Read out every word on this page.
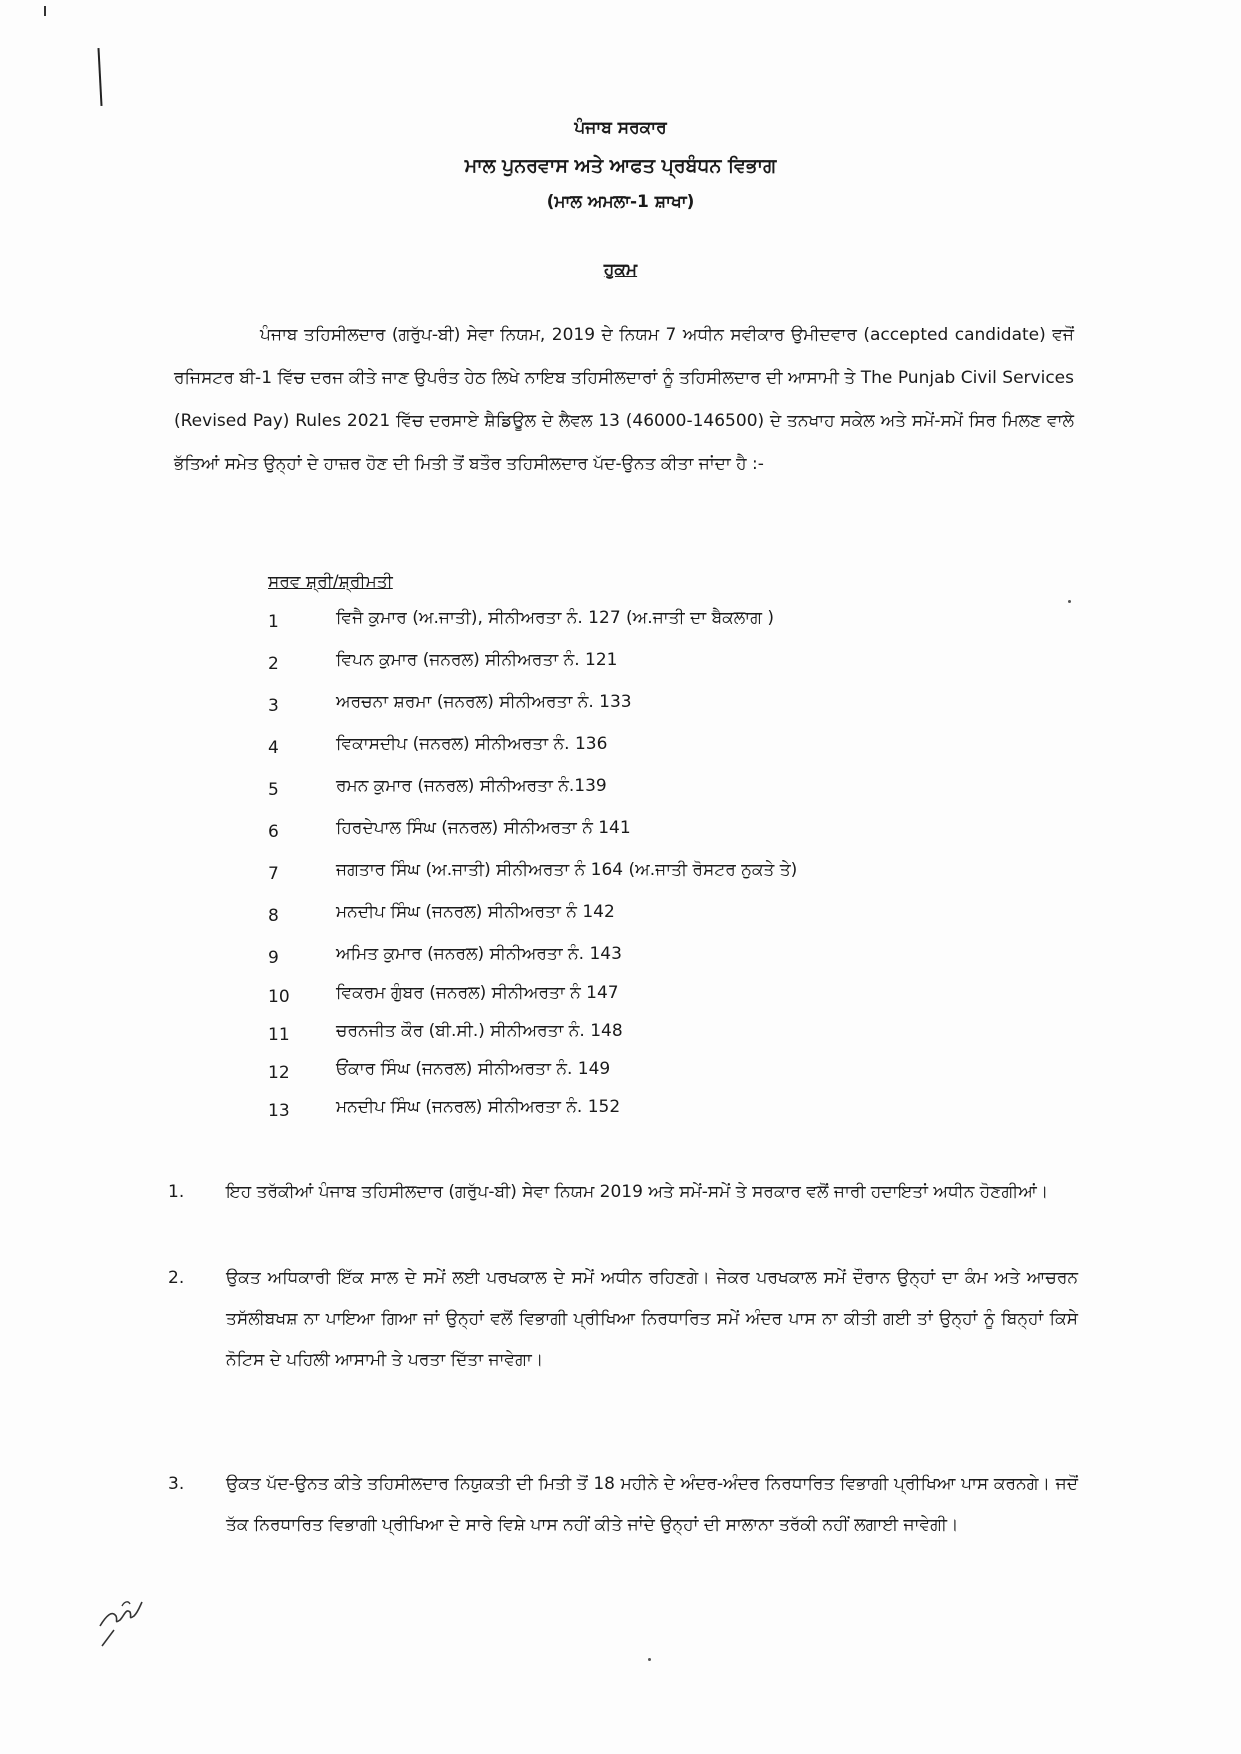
ਪੰਜਾਬ ਸਰਕਾਰ
ਮਾਲ ਪੁਨਰਵਾਸ ਅਤੇ ਆਫਤ ਪ੍ਰਬੰਧਨ ਵਿਭਾਗ
(ਮਾਲ ਅਮਲਾ-1 ਸ਼ਾਖਾ)
ਹੁਕਮ
ਪੰਜਾਬ ਤਹਿਸੀਲਦਾਰ (ਗਰੁੱਪ-ਬੀ) ਸੇਵਾ ਨਿਯਮ, 2019 ਦੇ ਨਿਯਮ 7 ਅਧੀਨ ਸਵੀਕਾਰ ਉਮੀਦਵਾਰ (accepted candidate) ਵਜੋਂ ਰਜਿਸਟਰ ਬੀ-1 ਵਿੱਚ ਦਰਜ ਕੀਤੇ ਜਾਣ ਉਪਰੰਤ ਹੇਠ ਲਿਖੇ ਨਾਇਬ ਤਹਿਸੀਲਦਾਰਾਂ ਨੂੰ ਤਹਿਸੀਲਦਾਰ ਦੀ ਆਸਾਮੀ ਤੇ The Punjab Civil Services (Revised Pay) Rules 2021 ਵਿੱਚ ਦਰਸਾਏ ਸ਼ੈਡਿਊਲ ਦੇ ਲੈਵਲ 13 (46000-146500) ਦੇ ਤਨਖਾਹ ਸਕੇਲ ਅਤੇ ਸਮੇਂ-ਸਮੇਂ ਸਿਰ ਮਿਲਣ ਵਾਲੇ ਭੱਤਿਆਂ ਸਮੇਤ ਉਨ੍ਹਾਂ ਦੇ ਹਾਜ਼ਰ ਹੋਣ ਦੀ ਮਿਤੀ ਤੋਂ ਬਤੌਰ ਤਹਿਸੀਲਦਾਰ ਪੱਦ-ਉਨਤ ਕੀਤਾ ਜਾਂਦਾ ਹੈ :-
ਸਰਵ ਸ਼੍ਰੀ/ਸ਼੍ਰੀਮਤੀ
1	ਵਿਜੈ ਕੁਮਾਰ (ਅ.ਜਾਤੀ), ਸੀਨੀਅਰਤਾ ਨੰ. 127 (ਅ.ਜਾਤੀ ਦਾ ਬੈਕਲਾਗ )
2	ਵਿਪਨ ਕੁਮਾਰ (ਜਨਰਲ) ਸੀਨੀਅਰਤਾ ਨੰ. 121
3	ਅਰਚਨਾ ਸ਼ਰਮਾ (ਜਨਰਲ) ਸੀਨੀਅਰਤਾ ਨੰ. 133
4	ਵਿਕਾਸਦੀਪ (ਜਨਰਲ) ਸੀਨੀਅਰਤਾ ਨੰ. 136
5	ਰਮਨ ਕੁਮਾਰ (ਜਨਰਲ) ਸੀਨੀਅਰਤਾ ਨੰ.139
6	ਹਿਰਦੇਪਾਲ ਸਿੰਘ (ਜਨਰਲ) ਸੀਨੀਅਰਤਾ ਨੰ 141
7	ਜਗਤਾਰ ਸਿੰਘ (ਅ.ਜਾਤੀ) ਸੀਨੀਅਰਤਾ ਨੰ 164 (ਅ.ਜਾਤੀ ਰੋਸਟਰ ਨੁਕਤੇ ਤੇ)
8	ਮਨਦੀਪ ਸਿੰਘ (ਜਨਰਲ) ਸੀਨੀਅਰਤਾ ਨੰ 142
9	ਅਮਿਤ ਕੁਮਾਰ (ਜਨਰਲ) ਸੀਨੀਅਰਤਾ ਨੰ. 143
10	ਵਿਕਰਮ ਗੁੰਬਰ (ਜਨਰਲ) ਸੀਨੀਅਰਤਾ ਨੰ 147
11	ਚਰਨਜੀਤ ਕੌਰ (ਬੀ.ਸੀ.) ਸੀਨੀਅਰਤਾ ਨੰ. 148
12	ਓਂਕਾਰ ਸਿੰਘ (ਜਨਰਲ) ਸੀਨੀਅਰਤਾ ਨੰ. 149
13	ਮਨਦੀਪ ਸਿੰਘ (ਜਨਰਲ) ਸੀਨੀਅਰਤਾ ਨੰ. 152
1.	ਇਹ ਤਰੱਕੀਆਂ ਪੰਜਾਬ ਤਹਿਸੀਲਦਾਰ (ਗਰੁੱਪ-ਬੀ) ਸੇਵਾ ਨਿਯਮ 2019 ਅਤੇ ਸਮੇਂ-ਸਮੇਂ ਤੇ ਸਰਕਾਰ ਵਲੋਂ ਜਾਰੀ ਹਦਾਇਤਾਂ ਅਧੀਨ ਹੋਣਗੀਆਂ।
2.	ਉਕਤ ਅਧਿਕਾਰੀ ਇੱਕ ਸਾਲ ਦੇ ਸਮੇਂ ਲਈ ਪਰਖਕਾਲ ਦੇ ਸਮੇਂ ਅਧੀਨ ਰਹਿਣਗੇ। ਜੇਕਰ ਪਰਖਕਾਲ ਸਮੇਂ ਦੌਰਾਨ ਉਨ੍ਹਾਂ ਦਾ ਕੰਮ ਅਤੇ ਆਚਰਨ ਤਸੱਲੀਬਖਸ਼ ਨਾ ਪਾਇਆ ਗਿਆ ਜਾਂ ਉਨ੍ਹਾਂ ਵਲੋਂ ਵਿਭਾਗੀ ਪ੍ਰੀਖਿਆ ਨਿਰਧਾਰਿਤ ਸਮੇਂ ਅੰਦਰ ਪਾਸ ਨਾ ਕੀਤੀ ਗਈ ਤਾਂ ਉਨ੍ਹਾਂ ਨੂੰ ਬਿਨ੍ਹਾਂ ਕਿਸੇ ਨੋਟਿਸ ਦੇ ਪਹਿਲੀ ਆਸਾਮੀ ਤੇ ਪਰਤਾ ਦਿੱਤਾ ਜਾਵੇਗਾ।
3.	ਉਕਤ ਪੱਦ-ਉਨਤ ਕੀਤੇ ਤਹਿਸੀਲਦਾਰ ਨਿਯੁਕਤੀ ਦੀ ਮਿਤੀ ਤੋਂ 18 ਮਹੀਨੇ ਦੇ ਅੰਦਰ-ਅੰਦਰ ਨਿਰਧਾਰਿਤ ਵਿਭਾਗੀ ਪ੍ਰੀਖਿਆ ਪਾਸ ਕਰਨਗੇ। ਜਦੋਂ ਤੱਕ ਨਿਰਧਾਰਿਤ ਵਿਭਾਗੀ ਪ੍ਰੀਖਿਆ ਦੇ ਸਾਰੇ ਵਿਸ਼ੇ ਪਾਸ ਨਹੀਂ ਕੀਤੇ ਜਾਂਦੇ ਉਨ੍ਹਾਂ ਦੀ ਸਾਲਾਨਾ ਤਰੱਕੀ ਨਹੀਂ ਲਗਾਈ ਜਾਵੇਗੀ।
